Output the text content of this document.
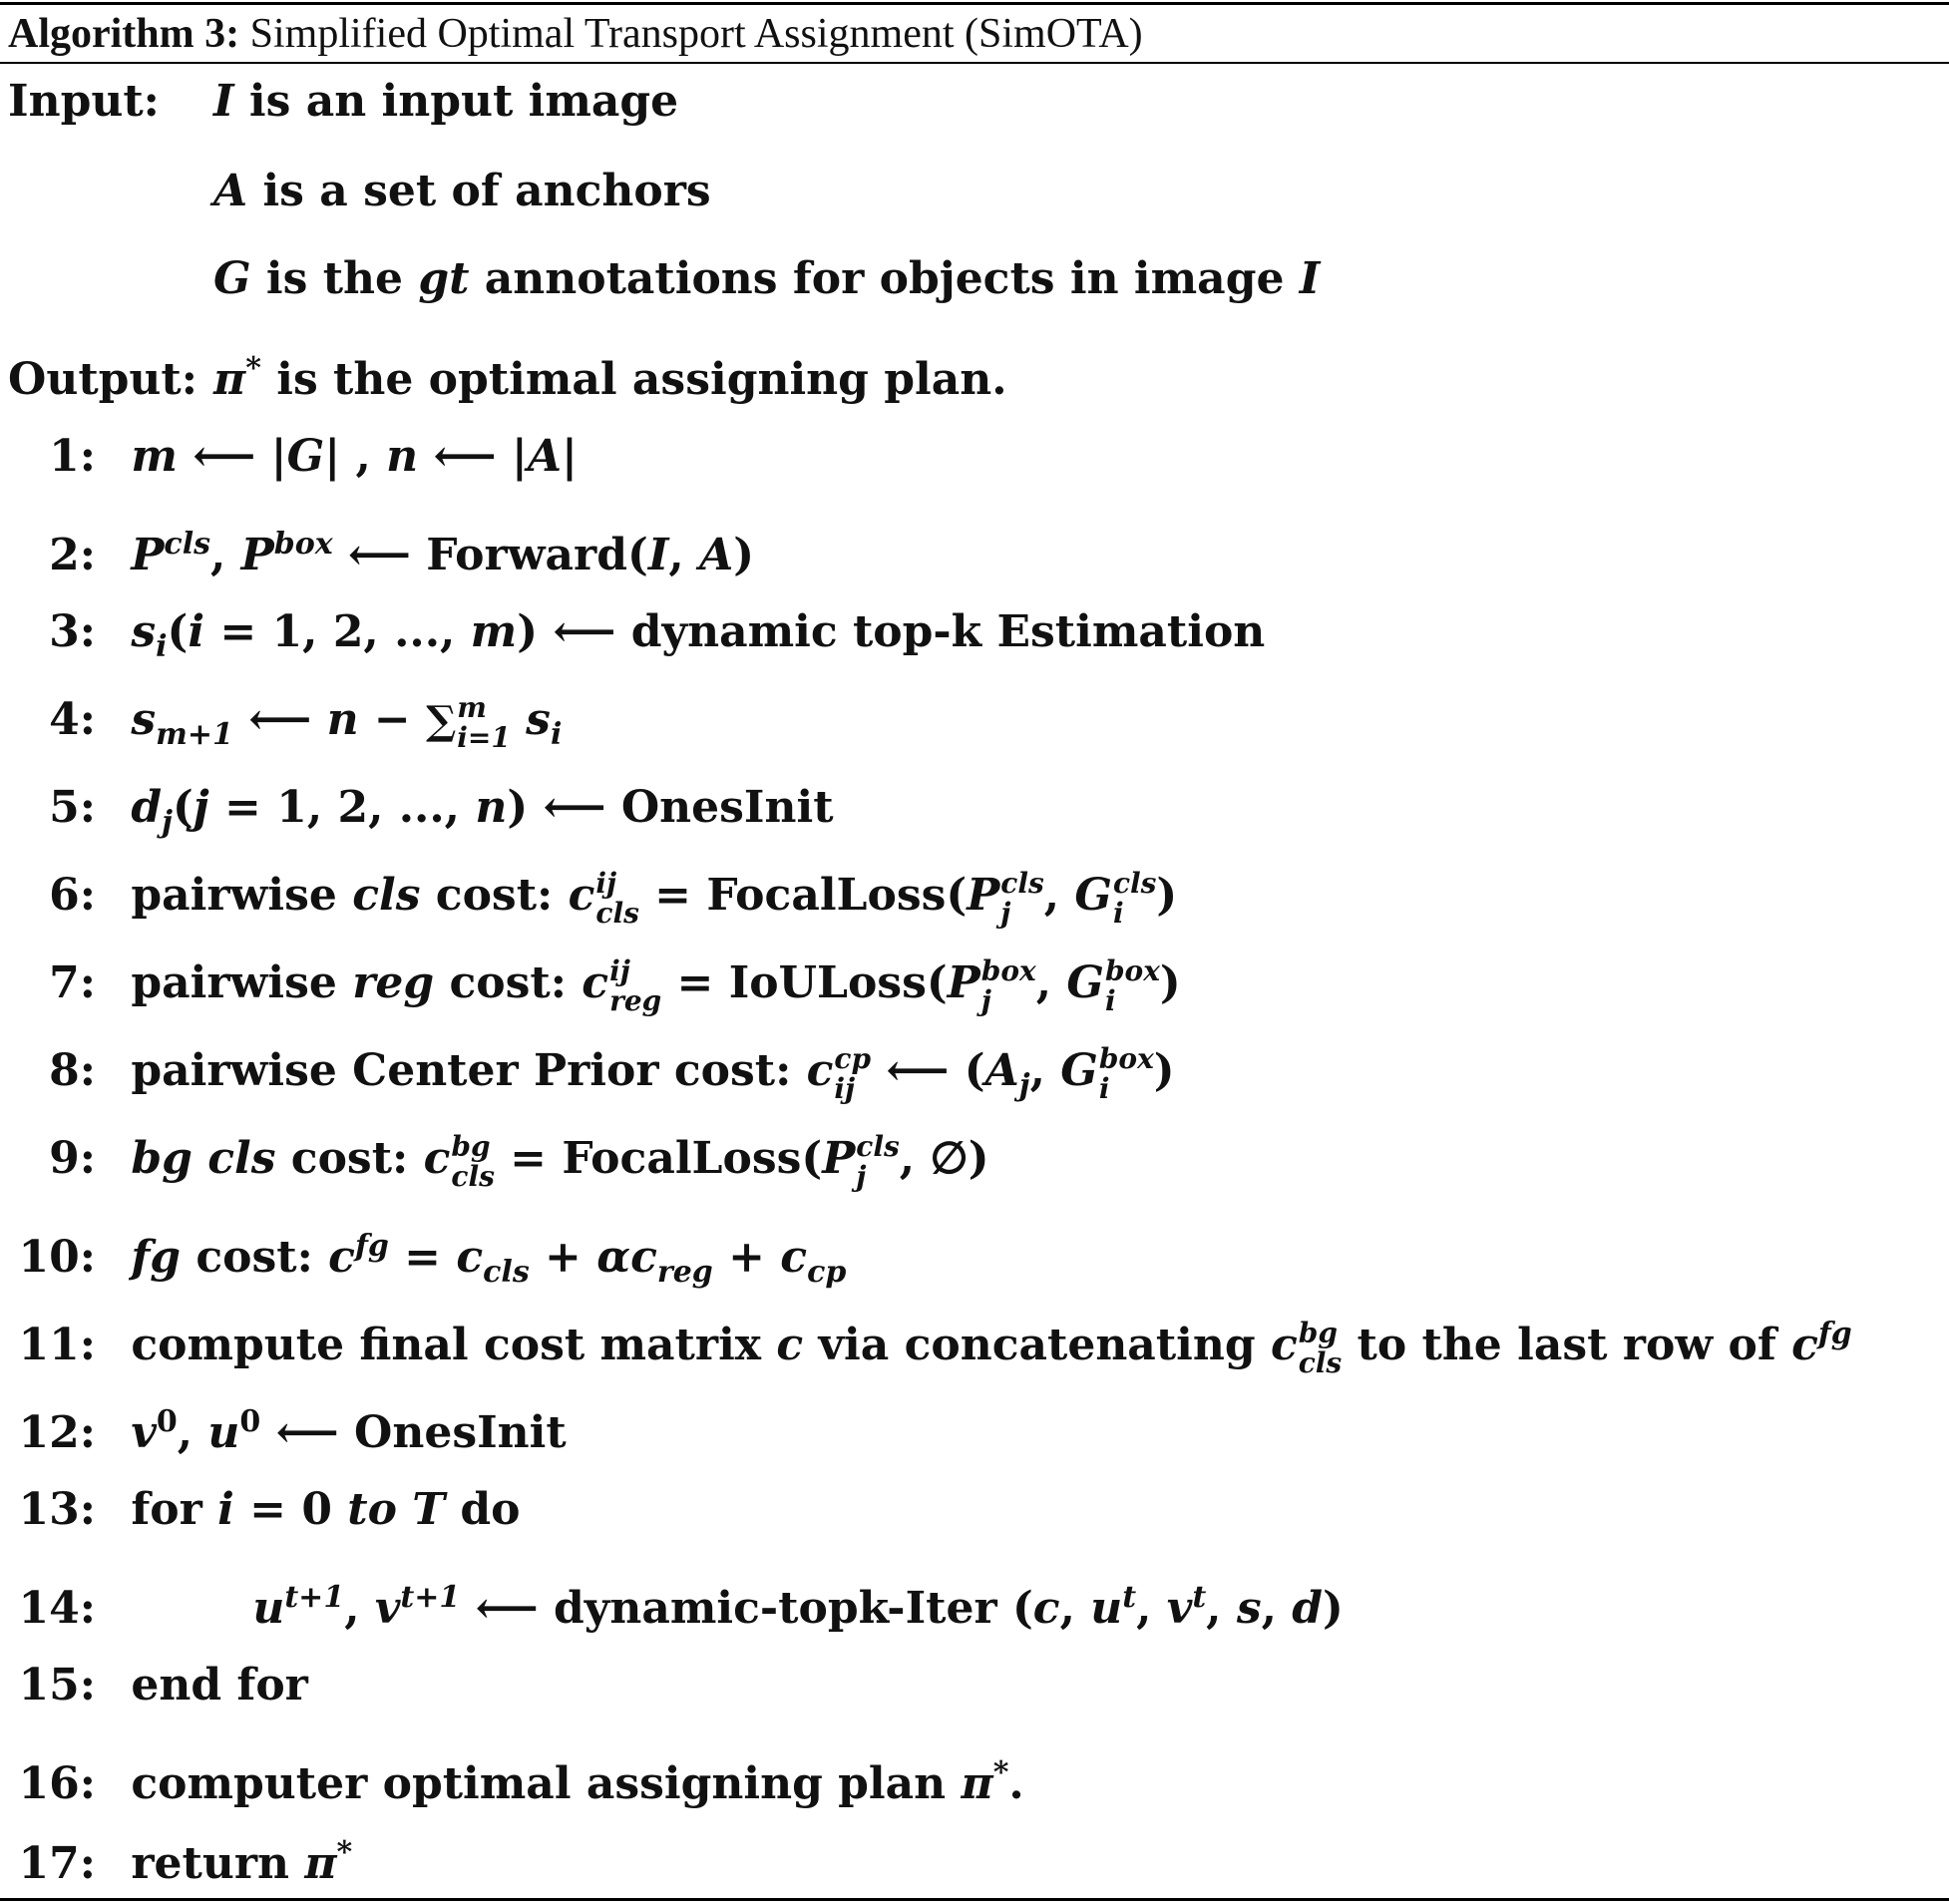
Algorithm 3: Simplified Optimal Transport Assignment (SimOTA)
Input: I is an input image
A is a set of anchors
G is the gt annotations for objects in image I
Output: π* is the optimal assigning plan.
1: m ⟵ |G| , n ⟵ |A|
2: $P^{cls}$, $P^{box}$ ⟵ Forward(I, A)
3: $s_i(i = 1$, 2, ..., m) ⟵ dynamic top-k Estimation
4: $s_{m+1}$ ⟵ n − ∑ m
i=1 $s_i$
5: $d_j(j = 1$, 2, ..., n) ⟵ OnesInit
6: pairwise cls cost: c ij
cls = FocalLoss(P cls
j , G cls
i )
7: pairwise reg cost: c ij
reg = IoULoss(P box
j	, G box
i	)
8: pairwise Center Prior cost: c cp
ij ⟵ ($A_j$, G box
i	)
9: bg cls cost: c bg
cls = FocalLoss(P cls
j , ∅)
10: fg cost: $c^{fg} = c_{cls} + \alpha c_{reg} + c_{cp}$
11: compute final cost matrix c via concatenating c bg
cls to the last row of $c^{fg}$
12: $v^0$, $u^0$ ⟵ OnesInit
13: for i = 0 to T do
14:	$u^{t+1}$, $v^{t+1}$ ⟵ dynamic-topk-Iter (c, $u^t$, $v^t$, s, d)
15: end for
16: computer optimal assigning plan π*.
17: return π*
